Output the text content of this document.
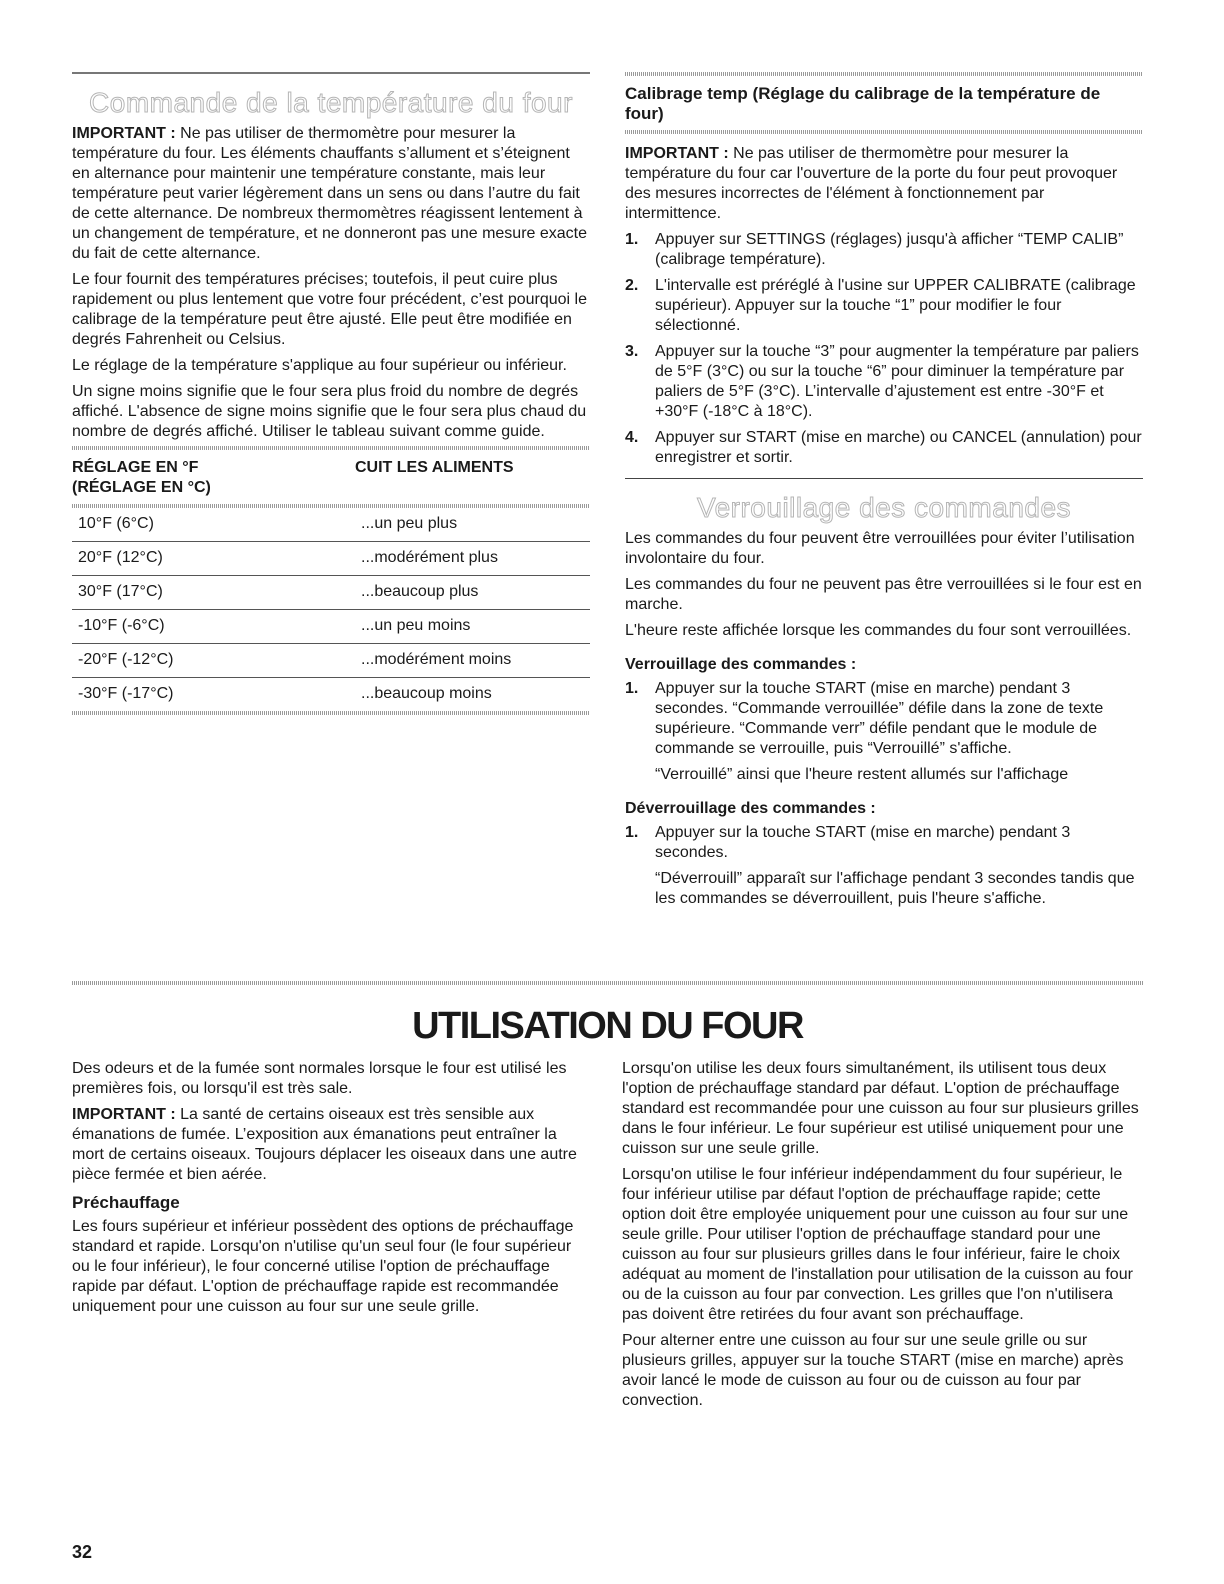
Commande de la température du four

IMPORTANT : Ne pas utiliser de thermomètre pour mesurer la température du four. Les éléments chauffants s’allument et s’éteignent en alternance pour maintenir une température constante, mais leur température peut varier légèrement dans un sens ou dans l’autre du fait de cette alternance. De nombreux thermomètres réagissent lentement à un changement de température, et ne donneront pas une mesure exacte du fait de cette alternance.

Le four fournit des températures précises; toutefois, il peut cuire plus rapidement ou plus lentement que votre four précédent, c’est pourquoi le calibrage de la température peut être ajusté. Elle peut être modifiée en degrés Fahrenheit ou Celsius.

Le réglage de la température s'applique au four supérieur ou inférieur.

Un signe moins signifie que le four sera plus froid du nombre de degrés affiché. L'absence de signe moins signifie que le four sera plus chaud du nombre de degrés affiché. Utiliser le tableau suivant comme guide.

RÉGLAGE EN °F
(RÉGLAGE EN °C)	CUIT LES ALIMENTS

10°F (6°C)	...un peu plus
20°F (12°C)	...modérément plus
30°F (17°C)	...beaucoup plus
-10°F (-6°C)	...un peu moins
-20°F (-12°C)	...modérément moins
-30°F (-17°C)	...beaucoup moins
Calibrage temp (Réglage du calibrage de la température de four)

IMPORTANT : Ne pas utiliser de thermomètre pour mesurer la température du four car l'ouverture de la porte du four peut provoquer des mesures incorrectes de l'élément à fonctionnement par intermittence.

1. Appuyer sur SETTINGS (réglages) jusqu'à afficher “TEMP CALIB” (calibrage température).
2. L'intervalle est préréglé à l'usine sur UPPER CALIBRATE (calibrage supérieur). Appuyer sur la touche “1” pour modifier le four sélectionné.
3. Appuyer sur la touche “3” pour augmenter la température par paliers de 5°F (3°C) ou sur la touche “6” pour diminuer la température par paliers de 5°F (3°C). L’intervalle d’ajustement est entre -30°F et +30°F (-18°C à 18°C).
4. Appuyer sur START (mise en marche) ou CANCEL (annulation) pour enregistrer et sortir.
Verrouillage des commandes

Les commandes du four peuvent être verrouillées pour éviter l’utilisation involontaire du four.

Les commandes du four ne peuvent pas être verrouillées si le four est en marche.

L'heure reste affichée lorsque les commandes du four sont verrouillées.

Verrouillage des commandes :
1. Appuyer sur la touche START (mise en marche) pendant 3 secondes. “Commande verrouillée” défile dans la zone de texte supérieure. “Commande verr” défile pendant que le module de commande se verrouille, puis “Verrouillé” s'affiche.

“Verrouillé” ainsi que l'heure restent allumés sur l'affichage

Déverrouillage des commandes :
1. Appuyer sur la touche START (mise en marche) pendant 3 secondes.

“Déverrouill” apparaît sur l'affichage pendant 3 secondes tandis que les commandes se déverrouillent, puis l'heure s'affiche.

UTILISATION DU FOUR

Des odeurs et de la fumée sont normales lorsque le four est utilisé les premières fois, ou lorsqu'il est très sale.

IMPORTANT : La santé de certains oiseaux est très sensible aux émanations de fumée. L’exposition aux émanations peut entraîner la mort de certains oiseaux. Toujours déplacer les oiseaux dans une autre pièce fermée et bien aérée.

Préchauffage

Les fours supérieur et inférieur possèdent des options de préchauffage standard et rapide. Lorsqu'on n'utilise qu'un seul four (le four supérieur ou le four inférieur), le four concerné utilise l'option de préchauffage rapide par défaut. L'option de préchauffage rapide est recommandée uniquement pour une cuisson au four sur une seule grille.

Lorsqu'on utilise les deux fours simultanément, ils utilisent tous deux l'option de préchauffage standard par défaut. L'option de préchauffage standard est recommandée pour une cuisson au four sur plusieurs grilles dans le four inférieur. Le four supérieur est utilisé uniquement pour une cuisson sur une seule grille.

Lorsqu'on utilise le four inférieur indépendamment du four supérieur, le four inférieur utilise par défaut l'option de préchauffage rapide; cette option doit être employée uniquement pour une cuisson au four sur une seule grille. Pour utiliser l'option de préchauffage standard pour une cuisson au four sur plusieurs grilles dans le four inférieur, faire le choix adéquat au moment de l'installation pour utilisation de la cuisson au four ou de la cuisson au four par convection. Les grilles que l'on n'utilisera pas doivent être retirées du four avant son préchauffage.

Pour alterner entre une cuisson au four sur une seule grille ou sur plusieurs grilles, appuyer sur la touche START (mise en marche) après avoir lancé le mode de cuisson au four ou de cuisson au four par convection.

32
